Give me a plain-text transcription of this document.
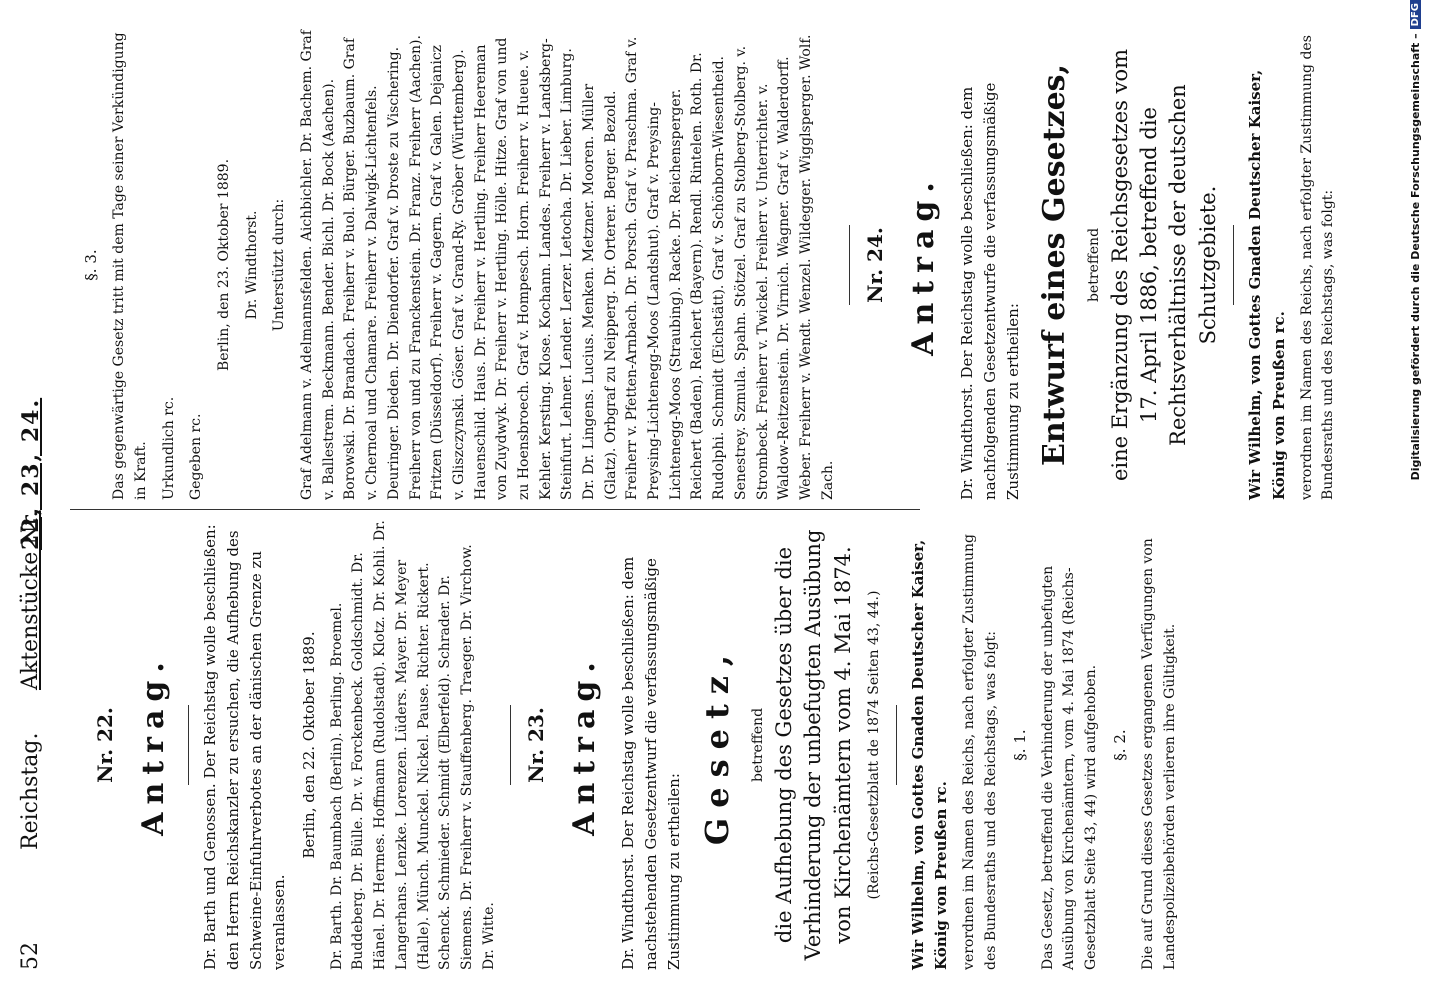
52
Reichstag.
Aktenstücke Nr.
22, 23, 24.
Nr. 22. Antrag.	Dr. Barth und Genossen. Der Reichstag wolle beschließen: den Herrn Reichskanzler zu ersuchen, die Aufhebung des Schweine-Einfuhrverbotes an der dänischen Grenze zu veranlassen.

Berlin, den 22. Oktober 1889. Dr. Barth. Dr. Baumbach (Berlin). Berling. Broemel. Buddeberg. Dr. Bülle. Dr. v. Forckenbeck. Goldschmidt. Dr. Hänel. Dr. Hermes. Hoffmann (Rudolstadt). Klotz. Dr. Kohli. Dr. Langerhans. Lenzke. Lorenzen. Lüders. Mayer. Dr. Meyer (Halle). Münch. Munckel. Nickel. Pause. Richter. Rickert. Schenck. Schmieder. Schmidt (Elberfeld). Schrader. Dr. Siemens. Dr. Freiherr v. Stauffenberg. Traeger. Dr. Virchow. Dr. Witte.

Nr. 23. Antrag.	Dr. Windthorst. Der Reichstag wolle beschließen: dem nachstehenden Gesetzentwurf die verfassungsmäßige Zustimmung zu ertheilen:

Gesetz,	betreffend die Aufhebung des Gesetzes über die Verhinderung der unbefugten Ausübung von Kirchenämtern vom 4. Mai 1874. (Reichs-Gesetzblatt de 1874 Seiten 43, 44.) Wir Wilhelm, von Gottes Gnaden Deutscher Kaiser, König von Preußen rc. verordnen im Namen des Reichs, nach erfolgter Zustimmung des Bundesraths und des Reichstags, was folgt: §. 1. Das Gesetz, betreffend die Verhinderung der unbefugten Ausübung von Kirchenämtern, vom 4. Mai 1874 (Reichs-Gesetzblatt Seite 43, 44) wird aufgehoben. §. 2. Die auf Grund dieses Gesetzes ergangenen Verfügungen von Landespolizeibehörden verlieren ihre Gültigkeit.

§. 3. Das gegenwärtige Gesetz tritt mit dem Tage seiner Verkündigung in Kraft. Urkundlich rc. Gegeben rc.

Berlin, den 23. Oktober 1889. Dr. Windthorst. Unterstützt durch: Graf Adelmann v. Adelmannsfelden. Aichbichler. Dr. Bachem. Graf v. Ballestrem. Beckmann. Bender. Bichl. Dr. Bock (Aachen). Borowski. Dr. Brandach. Freiherr v. Buol. Bürger. Buzbaum. Graf v. Chernoal und Chamare. Freiherr v. Dalwigk-Lichtenfels. Deuringer. Dieden. Dr. Diendorfer. Graf v. Droste zu Vischering. Freiherr von und zu Franckenstein. Dr. Franz. Freiherr (Aachen). Fritzen (Düsseldorf). Freiherr v. Gagern. Graf v. Galen. Dejanicz v. Gliszczynski. Göser. Graf v. Grand-Ry. Gröber (Württemberg). Hauenschild. Haus. Dr. Freiherr v. Hertling. Freiherr Heereman von Zuydwyk. Dr. Freiherr v. Hertling. Hölle. Hitze. Graf von und zu Hoensbroech. Graf v. Hompesch. Horn. Freiherr v. Hueue. v. Kehler. Kersting. Klose. Kochann. Landes. Freiherr v. Landsberg-Steinfurt. Lehner. Lender. Lerzer. Letocha. Dr. Lieber. Limburg. Dr. Dr. Lingens. Lucius. Menken. Metzner. Mooren. Müller (Glatz). Orbgraf zu Neipperg. Dr. Orterer. Berger. Bezold. Freiherr v. Pfetten-Arnbach. Dr. Porsch. Graf v. Praschma. Graf v. Preysing-Lichtenegg-Moos (Landshut). Graf v. Preysing-Lichtenegg-Moos (Straubing). Racke. Dr. Reichensperger. Reichert (Baden). Reichert (Bayern). Rendl. Rintelen. Roth. Dr. Rudolphi. Schmidt (Eichstätt). Graf v. Schönborn-Wiesentheid. Senestrey. Szmula. Spahn. Stötzel. Graf zu Stolberg-Stolberg. v. Strombeck. Freiherr v. Twickel. Freiherr v. Unterrichter. v. Waldow-Reitzenstein. Dr. Virnich. Wagner. Graf v. Walderdorff. Weber. Freiherr v. Wendt. Wenzel. Wildegger. Wigglsperger. Wolf. Zach.

Nr. 24. Antrag.	Dr. Windthorst. Der Reichstag wolle beschließen: dem nachfolgenden Gesetzentwurfe die verfassungsmäßige Zustimmung zu ertheilen: Entwurf eines Gesetzes,	betreffend eine Ergänzung des Reichsgesetzes vom 17. April 1886, betreffend die Rechtsverhältnisse der deutschen Schutzgebiete. Wir Wilhelm, von Gottes Gnaden Deutscher Kaiser, König von Preußen rc. verordnen im Namen des Reichs, nach erfolgter Zustimmung des Bundesraths und des Reichstags, was folgt:	Digitalisierung gefördert durch die Deutsche Forschungsgemeinschaft –
DFG
